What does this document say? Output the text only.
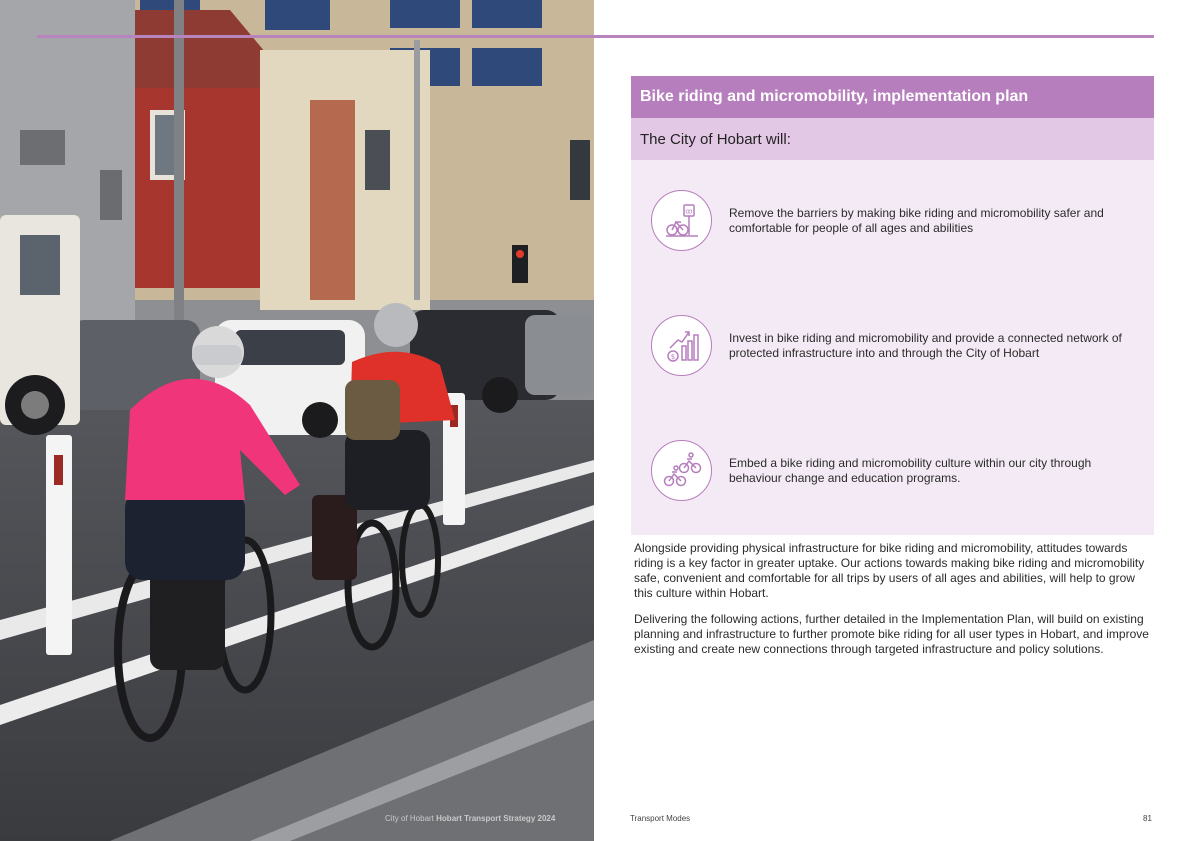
City of Hobart Hobart Transport Strategy 2024
Bike riding and micromobility, implementation plan
The City of Hobart will:
ꝏ	Remove the barriers by making bike riding and micromobility safer and comfortable for people of all ages and abilities
$
Invest in bike riding and micromobility and provide a connected network of protected infrastructure into and through the City of Hobart
Embed a bike riding and micromobility culture within our city through behaviour change and education programs.

Alongside providing physical infrastructure for bike riding and micromobility, attitudes towards riding is a key factor in greater uptake. Our actions towards making bike riding and micromobility safe, convenient and comfortable for all trips by users of all ages and abilities, will help to grow this culture within Hobart.

Delivering the following actions, further detailed in the Implementation Plan, will build on existing planning and infrastructure to further promote bike riding for all user types in Hobart, and improve existing and create new connections through targeted infrastructure and policy solutions.

Transport Modes	81
